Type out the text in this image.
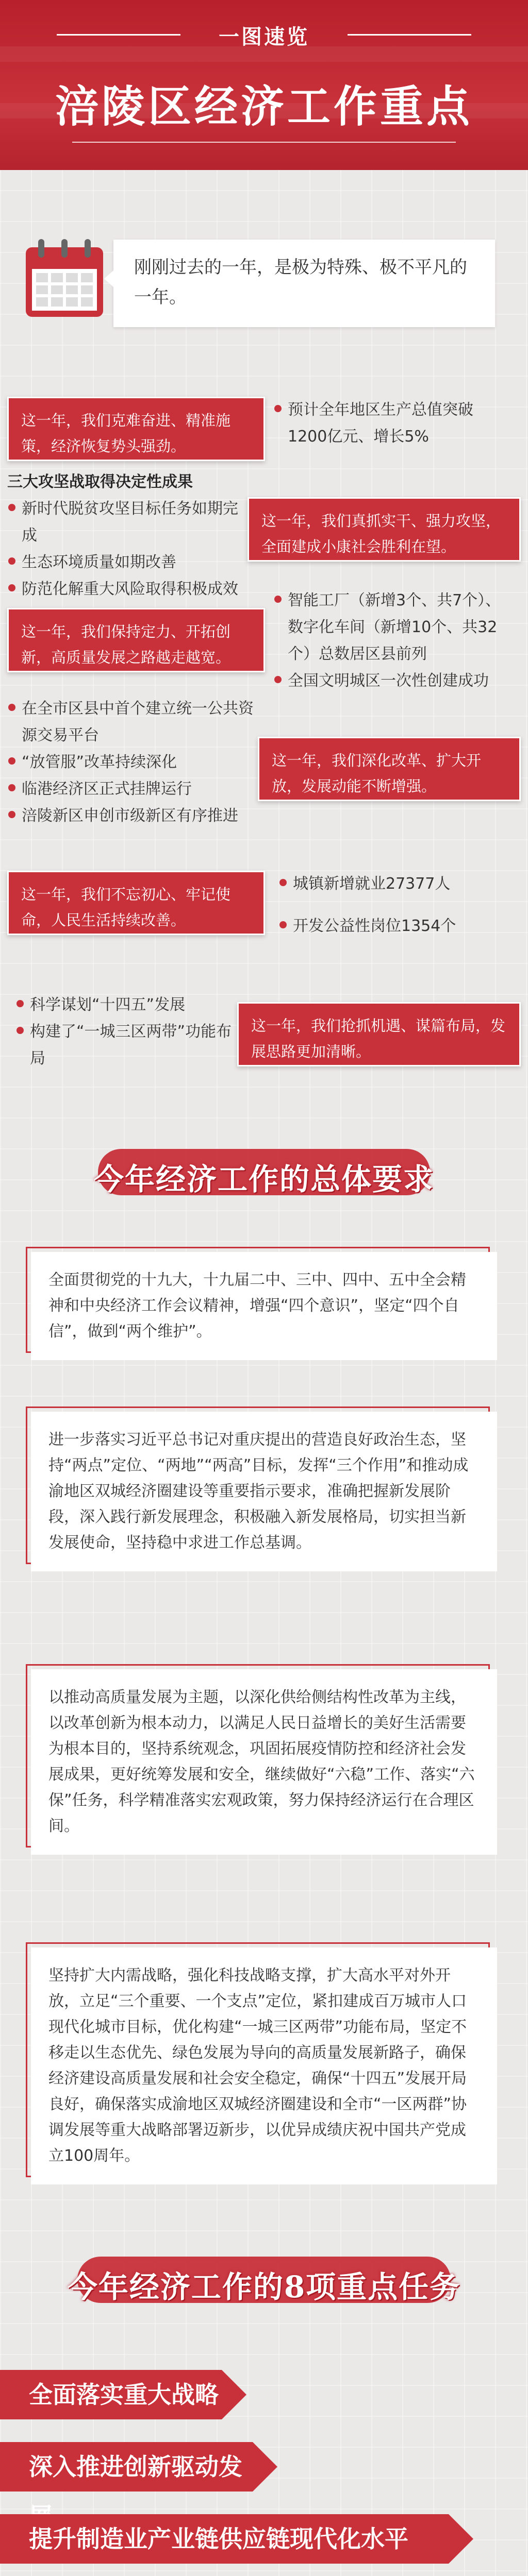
一图速览
涪陵区经济工作重点
刚刚过去的一年，是极为特殊、极不平凡的一年。
这一年，我们克难奋进、精准施策，经济恢复势头强劲。
预计全年地区生产总值突破1200亿元、增长5%
三大攻坚战取得决定性成果
新时代脱贫攻坚目标任务如期完成
生态环境质量如期改善
防范化解重大风险取得积极成效
这一年，我们真抓实干、强力攻坚，全面建成小康社会胜利在望。
这一年，我们保持定力、开拓创新，高质量发展之路越走越宽。
智能工厂（新增3个、共7个）、数字化车间（新增10个、共32个）总数居区县前列
全国文明城区一次性创建成功
在全市区县中首个建立统一公共资源交易平台
“放管服”改革持续深化
临港经济区正式挂牌运行
涪陵新区申创市级新区有序推进
这一年，我们深化改革、扩大开放，发展动能不断增强。
这一年，我们不忘初心、牢记使命，人民生活持续改善。
城镇新增就业27377人
开发公益性岗位1354个
科学谋划“十四五”发展
构建了“一城三区两带”功能布局
这一年，我们抢抓机遇、谋篇布局，发展思路更加清晰。
今年经济工作的总体要求
全面贯彻党的十九大，十九届二中、三中、四中、五中全会精神和中央经济工作会议精神，增强“四个意识”，坚定“四个自信”，做到“两个维护”。
进一步落实习近平总书记对重庆提出的营造良好政治生态，坚持“两点”定位、“两地”“两高”目标，发挥“三个作用”和推动成渝地区双城经济圈建设等重要指示要求，准确把握新发展阶段，深入践行新发展理念，积极融入新发展格局，切实担当新发展使命，坚持稳中求进工作总基调。
以推动高质量发展为主题，以深化供给侧结构性改革为主线，以改革创新为根本动力，以满足人民日益增长的美好生活需要为根本目的，坚持系统观念，巩固拓展疫情防控和经济社会发展成果，更好统筹发展和安全，继续做好“六稳”工作、落实“六保”任务，科学精准落实宏观政策，努力保持经济运行在合理区间。
坚持扩大内需战略，强化科技战略支撑，扩大高水平对外开放，立足“三个重要、一个支点”定位，紧扣建成百万城市人口现代化城市目标，优化构建“一城三区两带”功能布局，坚定不移走以生态优先、绿色发展为导向的高质量发展新路子，确保经济建设高质量发展和社会安全稳定，确保“十四五”发展开局良好，确保落实成渝地区双城经济圈建设和全市“一区两群”协调发展等重大战略部署迈新步，以优异成绩庆祝中国共产党成立100周年。
今年经济工作的8项重点任务
全面落实重大战略
深入推进创新驱动发
提升制造业产业链供应链现代化水平
